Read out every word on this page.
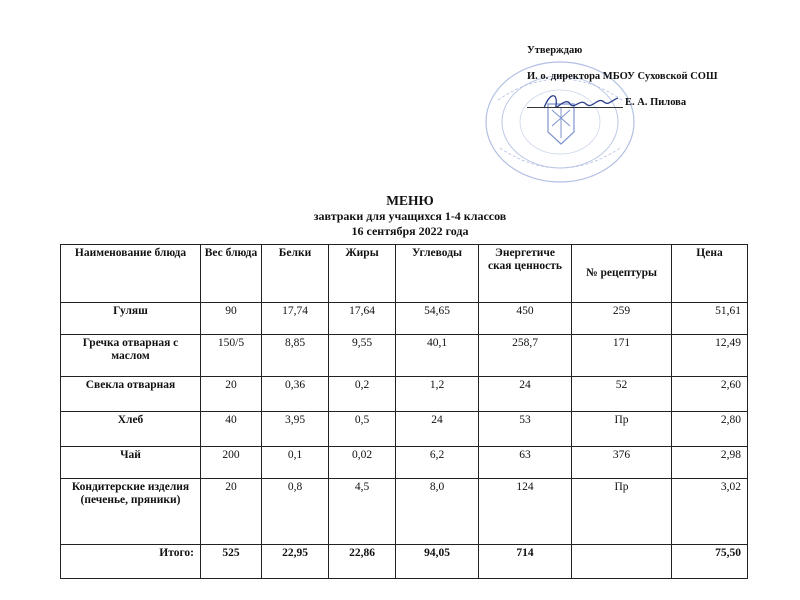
Утверждаю
И. о. директора МБОУ Суховской СОШ
Е. А. Пилова
МЕНЮ
завтраки для учащихся 1-4 классов
16 сентября 2022 года
Наименование блюда	Вес блюда	Белки	Жиры	Углеводы	Энергетиче ская ценность	№ рецептуры	Цена
Гуляш	90	17,74	17,64	54,65	450	259	51,61
Гречка отварная с маслом	150/5	8,85	9,55	40,1	258,7	171	12,49
Свекла отварная	20	0,36	0,2	1,2	24	52	2,60
Хлеб	40	3,95	0,5	24	53	Пр	2,80
Чай	200	0,1	0,02	6,2	63	376	2,98
Кондитерские изделия (печенье, пряники)	20	0,8	4,5	8,0	124	Пр	3,02
Итого:	525	22,95	22,86	94,05	714		75,50
